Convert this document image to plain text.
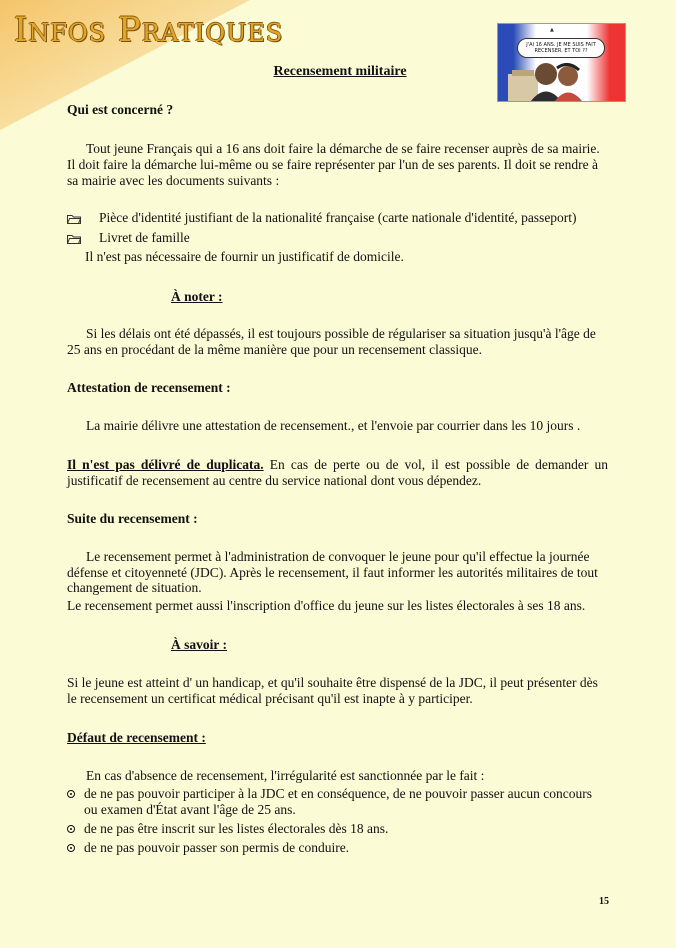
Infos Pratiques	▲
J'AI 16 ANS. JE ME SUIS FAIT RECENSER. ET TOI ??
Recensement militaire

Qui est concerné ?

Tout jeune Français qui a 16 ans doit faire la démarche de se faire recenser auprès de sa mairie.

Il doit faire la démarche lui-même ou se faire représenter par l'un de ses parents. Il doit se rendre à

sa mairie avec les documents suivants :

Pièce d'identité justifiant de la nationalité française (carte nationale d'identité, passeport)

Livret de famille

Il n'est pas nécessaire de fournir un justificatif de domicile.

À noter :

Si les délais ont été dépassés, il est toujours possible de régulariser sa situation jusqu'à l'âge de

25 ans en procédant de la même manière que pour un recensement classique.

Attestation de recensement :

La mairie délivre une attestation de recensement., et l'envoie par courrier dans les 10 jours .

Il n'est pas délivré de duplicata. En cas de perte ou de vol, il est possible de demander un

justificatif de recensement au centre du service national dont vous dépendez.

Suite du recensement :

Le recensement permet à l'administration de convoquer le jeune pour qu'il effectue la journée

défense et citoyenneté (JDC). Après le recensement, il faut informer les autorités militaires de tout

changement de situation.

Le recensement permet aussi l'inscription d'office du jeune sur les listes électorales à ses 18 ans.

À savoir :

Si le jeune est atteint d' un handicap, et qu'il souhaite être dispensé de la JDC, il peut présenter dès

le recensement un certificat médical précisant qu'il est inapte à y participer.

Défaut de recensement :

En cas d'absence de recensement, l'irrégularité est sanctionnée par le fait :

de ne pas pouvoir participer à la JDC et en conséquence, de ne pouvoir passer aucun concours

ou examen d'État avant l'âge de 25 ans.

de ne pas être inscrit sur les listes électorales dès 18 ans.

de ne pas pouvoir passer son permis de conduire.

15
